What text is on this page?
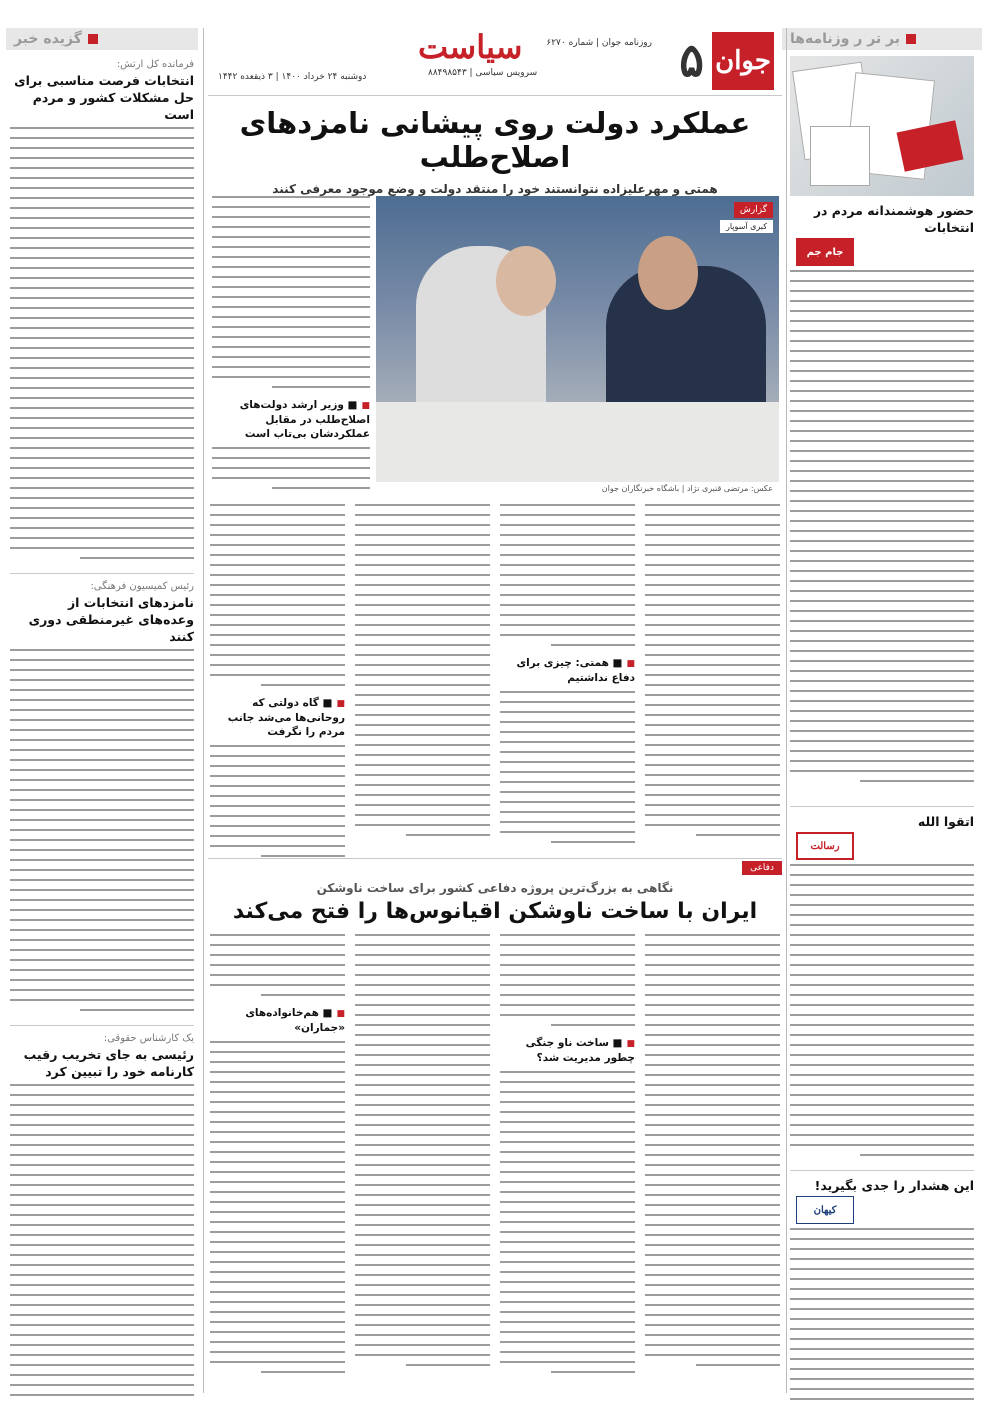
بر تر ر وزنامه‌ها
حضور هوشمندانه مردم در انتخابات
جام جم
اتقوا الله
رسالت
این هشدار را جدی بگیرید!
کیهان
گزیده خبر
فرمانده کل ارتش:
انتخابات فرصت مناسبی برای حل مشکلات کشور و مردم است
رئیس کمیسیون فرهنگی:
نامزدهای انتخابات از وعده‌های غیرمنطقی دوری کنند
یک کارشناس حقوقی:
رئیسی به جای تخریب رقیب کارنامه خود را تبیین کرد
جوان
۵
روزنامه جوان | شماره ۶۲۷۰
سیاست
سرویس سیاسی | ۸۸۴۹۸۵۴۳
دوشنبه ۲۴ خرداد ۱۴۰۰ | ۳ ذیقعده ۱۴۴۲
عملکرد دولت روی پیشانی نامزدهای اصلاح‌طلب
همتی و مهرعلیزاده نتوانستند خود را منتقد دولت و وضع موجود معرفی کنند
گزارش
کبری آسوپار
عکس: مرتضی قنبری نژاد | باشگاه خبرنگاران جوان
■ ■ وزیر ارشد دولت‌های اصلاح‌طلب در مقابل عملکردشان بی‌تاب است
■ ■ همتی: چیزی برای دفاع نداشتیم
■ ■ گاه دولتی که روحانی‌ها می‌شد جانب مردم را نگرفت
دفاعی
نگاهی به بزرگ‌ترین پروژه دفاعی کشور برای ساخت ناوشکن
ایران با ساخت ناوشکن اقیانوس‌ها را فتح می‌کند
■ ■ ساخت ناو جنگی چطور مدیریت شد؟
■ ■ هم‌خانواده‌های «جماران»
